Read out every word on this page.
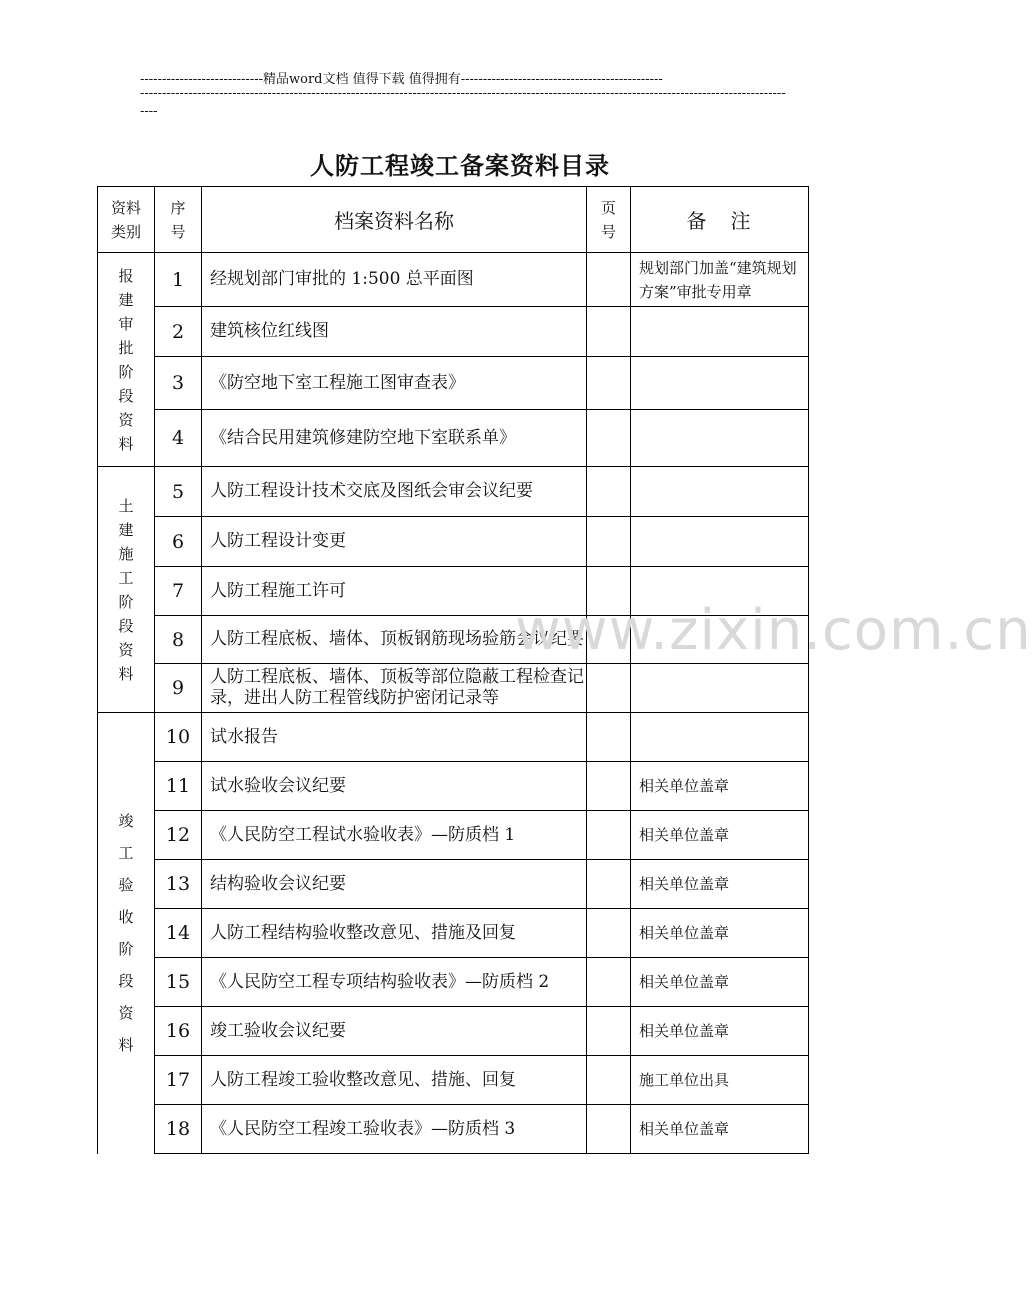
----------------------------精品word文档 值得下载 值得拥有----------------------------------------------
---------------------------------------------------------------------------------------------------------------------------------------------------
----
人防工程竣工备案资料目录
资料类别	序号	档案资料名称	页号	备　注
报建审批阶段资料	1	经规划部门审批的 1:500 总平面图		规划部门加盖“建筑规划方案”审批专用章
	2	建筑核位红线图		
	3	《防空地下室工程施工图审查表》		
	4	《结合民用建筑修建防空地下室联系单》		
土建施工阶段资料	5	人防工程设计技术交底及图纸会审会议纪要		
	6	人防工程设计变更		
	7	人防工程施工许可		
	8	人防工程底板、墙体、顶板钢筋现场验筋会议纪要		
	9	人防工程底板、墙体、顶板等部位隐蔽工程检查记录，进出人防工程管线防护密闭记录等		
竣工验收阶段资料	10	试水报告		
	11	试水验收会议纪要		相关单位盖章
	12	《人民防空工程试水验收表》—防质档 1		相关单位盖章
	13	结构验收会议纪要		相关单位盖章
	14	人防工程结构验收整改意见、措施及回复		相关单位盖章
	15	《人民防空工程专项结构验收表》—防质档 2		相关单位盖章
	16	竣工验收会议纪要		相关单位盖章
	17	人防工程竣工验收整改意见、措施、回复		施工单位出具
	18	《人民防空工程竣工验收表》—防质档 3		相关单位盖章
www.zixin.com.cn
